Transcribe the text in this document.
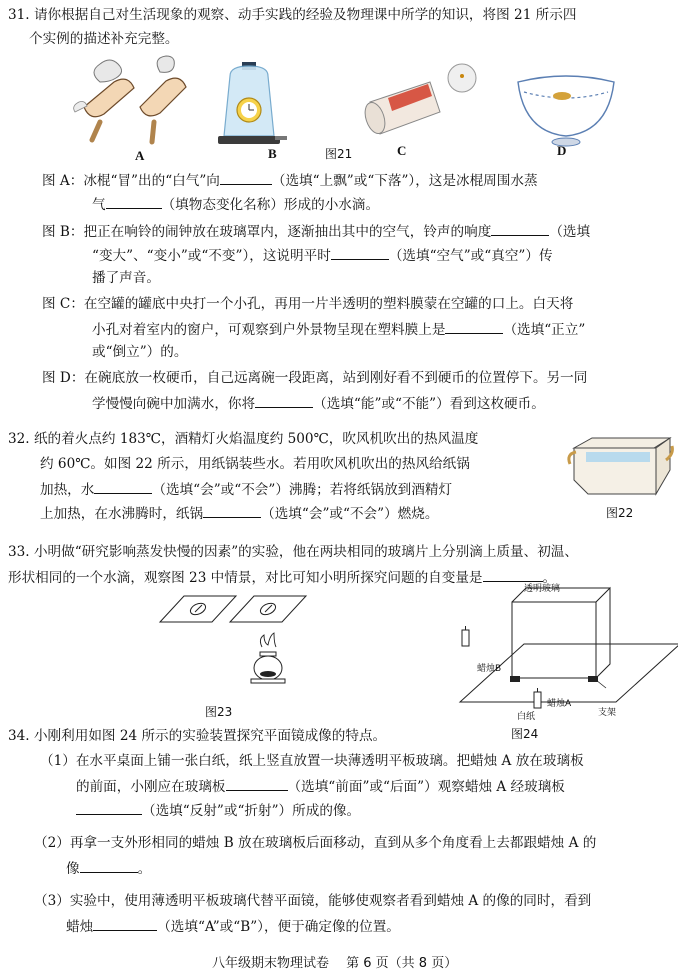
31. 请你根据自己对生活现象的观察、动手实践的经验及物理课中所学的知识，将图 21 所示四
个实例的描述补充完整。
A	B	图21	C	D
图 A：冰棍“冒”出的“白气”向	（选填“上飘”或“下落”），这是冰棍周围水蒸
气	（填物态变化名称）形成的小水滴。
图 B：把正在响铃的闹钟放在玻璃罩内，逐渐抽出其中的空气，铃声的响度	（选填
“变大”、“变小”或“不变”），这说明平时	（选填“空气”或“真空”）传
播了声音。
图 C：在空罐的罐底中央打一个小孔，再用一片半透明的塑料膜蒙在空罐的口上。白天将
小孔对着室内的窗户，可观察到户外景物呈现在塑料膜上是	（选填“正立”
或“倒立”）的。
图 D：在碗底放一枚硬币，自己远离碗一段距离，站到刚好看不到硬币的位置停下。另一同
学慢慢向碗中加满水，你将	（选填“能”或“不能”）看到这枚硬币。
32. 纸的着火点约 183℃，酒精灯火焰温度约 500℃，吹风机吹出的热风温度
约 60℃。如图 22 所示，用纸锅装些水。若用吹风机吹出的热风给纸锅
加热，水	（选填“会”或“不会”）沸腾；若将纸锅放到酒精灯
上加热，在水沸腾时，纸锅	（选填“会”或“不会”）燃烧。	图22
33. 小明做“研究影响蒸发快慢的因素”的实验，他在两块相同的玻璃片上分别滴上质量、初温、
形状相同的一个水滴，观察图 23 中情景，对比可知小明所探究问题的自变量是	。
图23
透明玻璃
蜡烛B
白纸
蜡烛A
支架
图24
34. 小刚利用如图 24 所示的实验装置探究平面镜成像的特点。
（1）在水平桌面上铺一张白纸，纸上竖直放置一块薄透明平板玻璃。把蜡烛 A 放在玻璃板
的前面，小刚应在玻璃板	（选填“前面”或“后面”）观察蜡烛 A 经玻璃板
（选填“反射”或“折射”）所成的像。
（2）再拿一支外形相同的蜡烛 B 放在玻璃板后面移动，直到从多个角度看上去都跟蜡烛 A 的
像	。
（3）实验中，使用薄透明平板玻璃代替平面镜，能够使观察者看到蜡烛 A 的像的同时，看到
蜡烛	（选填“A”或“B”），便于确定像的位置。
八年级期末物理试卷　 第 6 页（共 8 页）
